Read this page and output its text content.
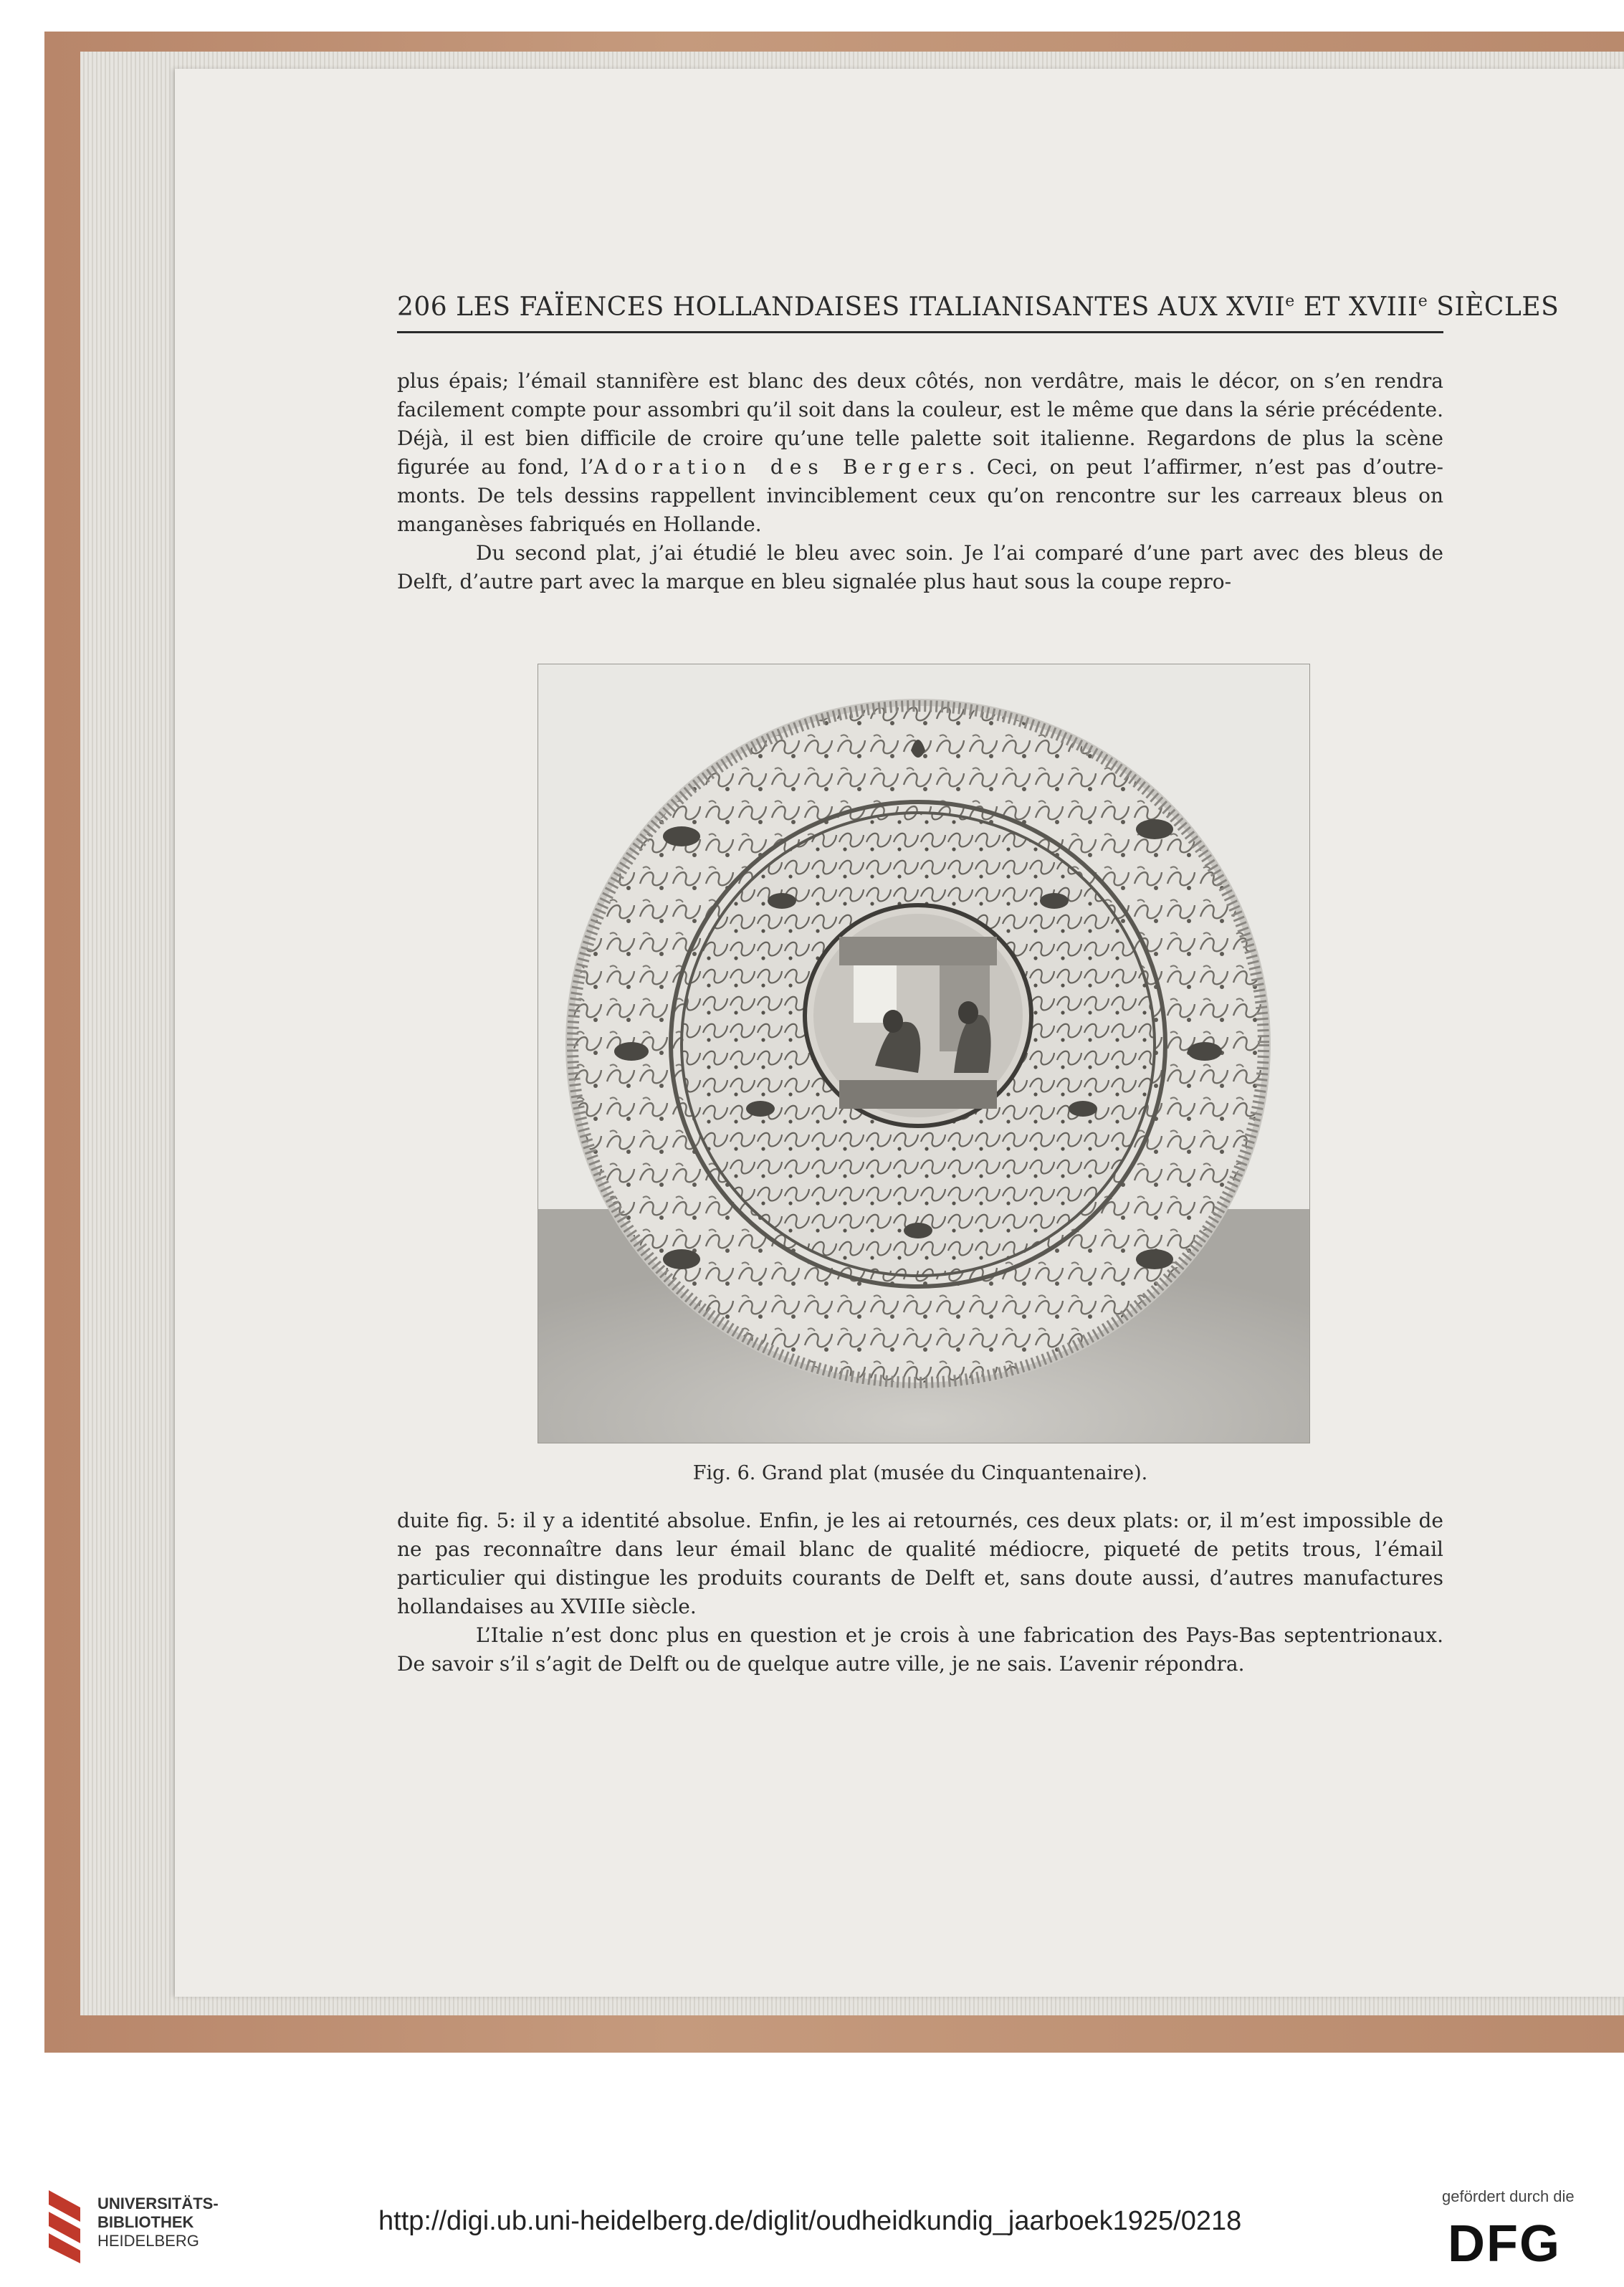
206 LES FAÏENCES HOLLANDAISES ITALIANISANTES AUX XVIIe ET XVIIIe SIÈCLES

plus épais; l’émail stannifère est blanc des deux côtés, non verdâtre, mais le décor, on s’en rendra facilement compte pour assombri qu’il soit dans la couleur, est le même que dans la série précédente. Déjà, il est bien difficile de croire qu’une telle palette soit italienne. Regardons de plus la scène figurée au fond, l’Adoration des Bergers. Ceci, on peut l’affirmer, n’est pas d’outre-monts. De tels dessins rappellent invinciblement ceux qu’on rencontre sur les carreaux bleus on manganèses fabriqués en Hollande.

Du second plat, j’ai étudié le bleu avec soin. Je l’ai comparé d’une part avec des bleus de Delft, d’autre part avec la marque en bleu signalée plus haut sous la coupe repro-

Fig. 6. Grand plat (musée du Cinquantenaire).

duite fig. 5: il y a identité absolue. Enfin, je les ai retournés, ces deux plats: or, il m’est impossible de ne pas reconnaître dans leur émail blanc de qualité médiocre, piqueté de petits trous, l’émail particulier qui distingue les produits courants de Delft et, sans doute aussi, d’autres manufactures hollandaises au XVIIIe siècle.

L’Italie n’est donc plus en question et je crois à une fabrication des Pays-Bas septentrionaux. De savoir s’il s’agit de Delft ou de quelque autre ville, je ne sais. L’avenir répondra.

UNIVERSITÄTS-
BIBLIOTHEK
HEIDELBERG
http://digi.ub.uni-heidelberg.de/diglit/oudheidkundig_jaarboek1925/0218
gefördert durch die
DFG
